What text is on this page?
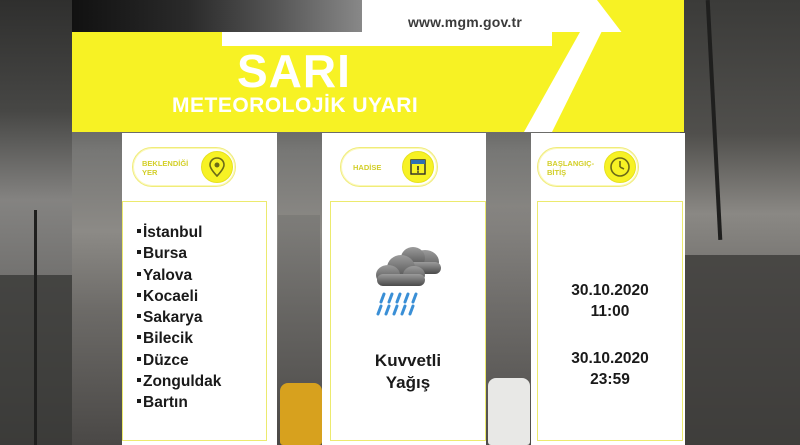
www.mgm.gov.tr
SARI
METEOROLOJİK UYARI
BEKLENDİĞİ
YER
İstanbul
Bursa
Yalova
Kocaeli
Sakarya
Bilecik
Düzce
Zonguldak
Bartın
HADİSE
Kuvvetli
Yağış
BAŞLANGIÇ-
BİTİŞ
30.10.2020
11:00
30.10.2020
23:59
